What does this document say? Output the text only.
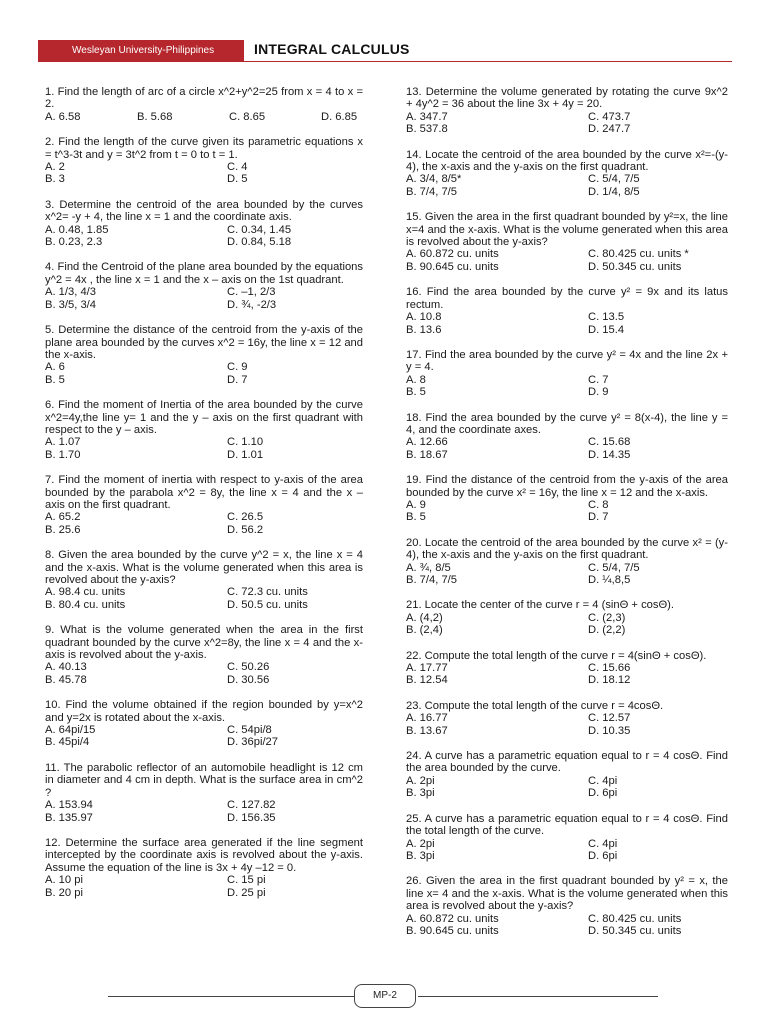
Wesleyan University-Philippines	INTEGRAL CALCULUS
1. Find the length of arc of a circle x^2+y^2=25 from x = 4 to x = 2.
A. 6.58	B. 5.68	C. 8.65	D. 6.85
2. Find the length of the curve given its parametric equations x = t^3-3t and y = 3t^2 from t = 0 to t = 1.
A. 2	C. 4
B. 3	D. 5
3. Determine the centroid of the area bounded by the curves x^2= -y + 4, the line x = 1 and the coordinate axis.
A. 0.48, 1.85	C. 0.34, 1.45
B. 0.23, 2.3	D. 0.84, 5.18
4. Find the Centroid of the plane area bounded by the equations y^2 = 4x , the line x = 1 and the x – axis on the 1st quadrant.
A. 1/3, 4/3	C. –1, 2/3
B. 3/5, 3/4	D. ¾, -2/3
5. Determine the distance of the centroid from the y-axis of the plane area bounded by the curves x^2 = 16y, the line x = 12 and the x-axis.
A. 6	C. 9
B. 5	D. 7
6. Find the moment of Inertia of the area bounded by the curve x^2=4y,the line y= 1 and the y – axis on the first quadrant with respect to the y – axis.
A. 1.07	C. 1.10
B. 1.70	D. 1.01
7. Find the moment of inertia with respect to y-axis of the area bounded by the parabola x^2 = 8y, the line x = 4 and the x – axis on the first quadrant.
A. 65.2	C. 26.5
B. 25.6	D. 56.2
8. Given the area bounded by the curve y^2 = x, the line x = 4 and the x-axis. What is the volume generated when this area is revolved about the y-axis?
A. 98.4 cu. units	C. 72.3 cu. units
B. 80.4 cu. units	D. 50.5 cu. units
9. What is the volume generated when the area in the first quadrant bounded by the curve x^2=8y, the line x = 4 and the x- axis is revolved about the y-axis.
A. 40.13	C. 50.26
B. 45.78	D. 30.56
10. Find the volume obtained if the region bounded by y=x^2 and y=2x is rotated about the x-axis.
A. 64pi/15	C. 54pi/8
B. 45pi/4	D. 36pi/27
11. The parabolic reflector of an automobile headlight is 12 cm in diameter and 4 cm in depth. What is the surface area in cm^2 ?
A. 153.94	C. 127.82
B. 135.97	D. 156.35
12. Determine the surface area generated if the line segment intercepted by the coordinate axis is revolved about the y-axis. Assume the equation of the line is 3x + 4y –12 = 0.
A. 10 pi	C. 15 pi
B. 20 pi	D. 25 pi
13. Determine the volume generated by rotating the curve 9x^2 + 4y^2 = 36 about the line 3x + 4y = 20.
A. 347.7	C. 473.7
B. 537.8	D. 247.7
14. Locate the centroid of the area bounded by the curve x²=-(y-4), the x-axis and the y-axis on the first quadrant.
A. 3/4, 8/5*	C. 5/4, 7/5
B. 7/4, 7/5	D. 1/4, 8/5
15. Given the area in the first quadrant bounded by y²=x, the line x=4 and the x-axis. What is the volume generated when this area is revolved about the y-axis?
A. 60.872 cu. units	C. 80.425 cu. units *
B. 90.645 cu. units	D. 50.345 cu. units
16. Find the area bounded by the curve y² = 9x and its latus rectum.
A. 10.8	C. 13.5
B. 13.6	D. 15.4
17. Find the area bounded by the curve y² = 4x and the line 2x + y = 4.
A. 8	C. 7
B. 5	D. 9
18. Find the area bounded by the curve y² = 8(x-4), the line y = 4, and the coordinate axes.
A. 12.66	C. 15.68
B. 18.67	D. 14.35
19. Find the distance of the centroid from the y-axis of the area bounded by the curve x² = 16y, the line x = 12 and the x-axis.
A. 9	C. 8
B. 5	D. 7
20. Locate the centroid of the area bounded by the curve x² = (y-4), the x-axis and the y-axis on the first quadrant.
A. ¾, 8/5	C. 5/4, 7/5
B. 7/4, 7/5	D. ¼,8,5
21. Locate the center of the curve r = 4 (sinΘ + cosΘ).
A. (4,2)	C. (2,3)
B. (2,4)	D. (2,2)
22. Compute the total length of the curve r = 4(sinΘ + cosΘ).
A. 17.77	C. 15.66
B. 12.54	D. 18.12
23. Compute the total length of the curve r = 4cosΘ.
A. 16.77	C. 12.57
B. 13.67	D. 10.35
24. A curve has a parametric equation equal to r = 4 cosΘ. Find the area bounded by the curve.
A. 2pi	C. 4pi
B. 3pi	D. 6pi
25. A curve has a parametric equation equal to r = 4 cosΘ. Find the total length of the curve.
A. 2pi	C. 4pi
B. 3pi	D. 6pi
26. Given the area in the first quadrant bounded by y² = x, the line x= 4 and the x-axis. What is the volume generated when this area is revolved about the y-axis?
A. 60.872 cu. units	C. 80.425 cu. units
B. 90.645 cu. units	D. 50.345 cu. units
MP-2
